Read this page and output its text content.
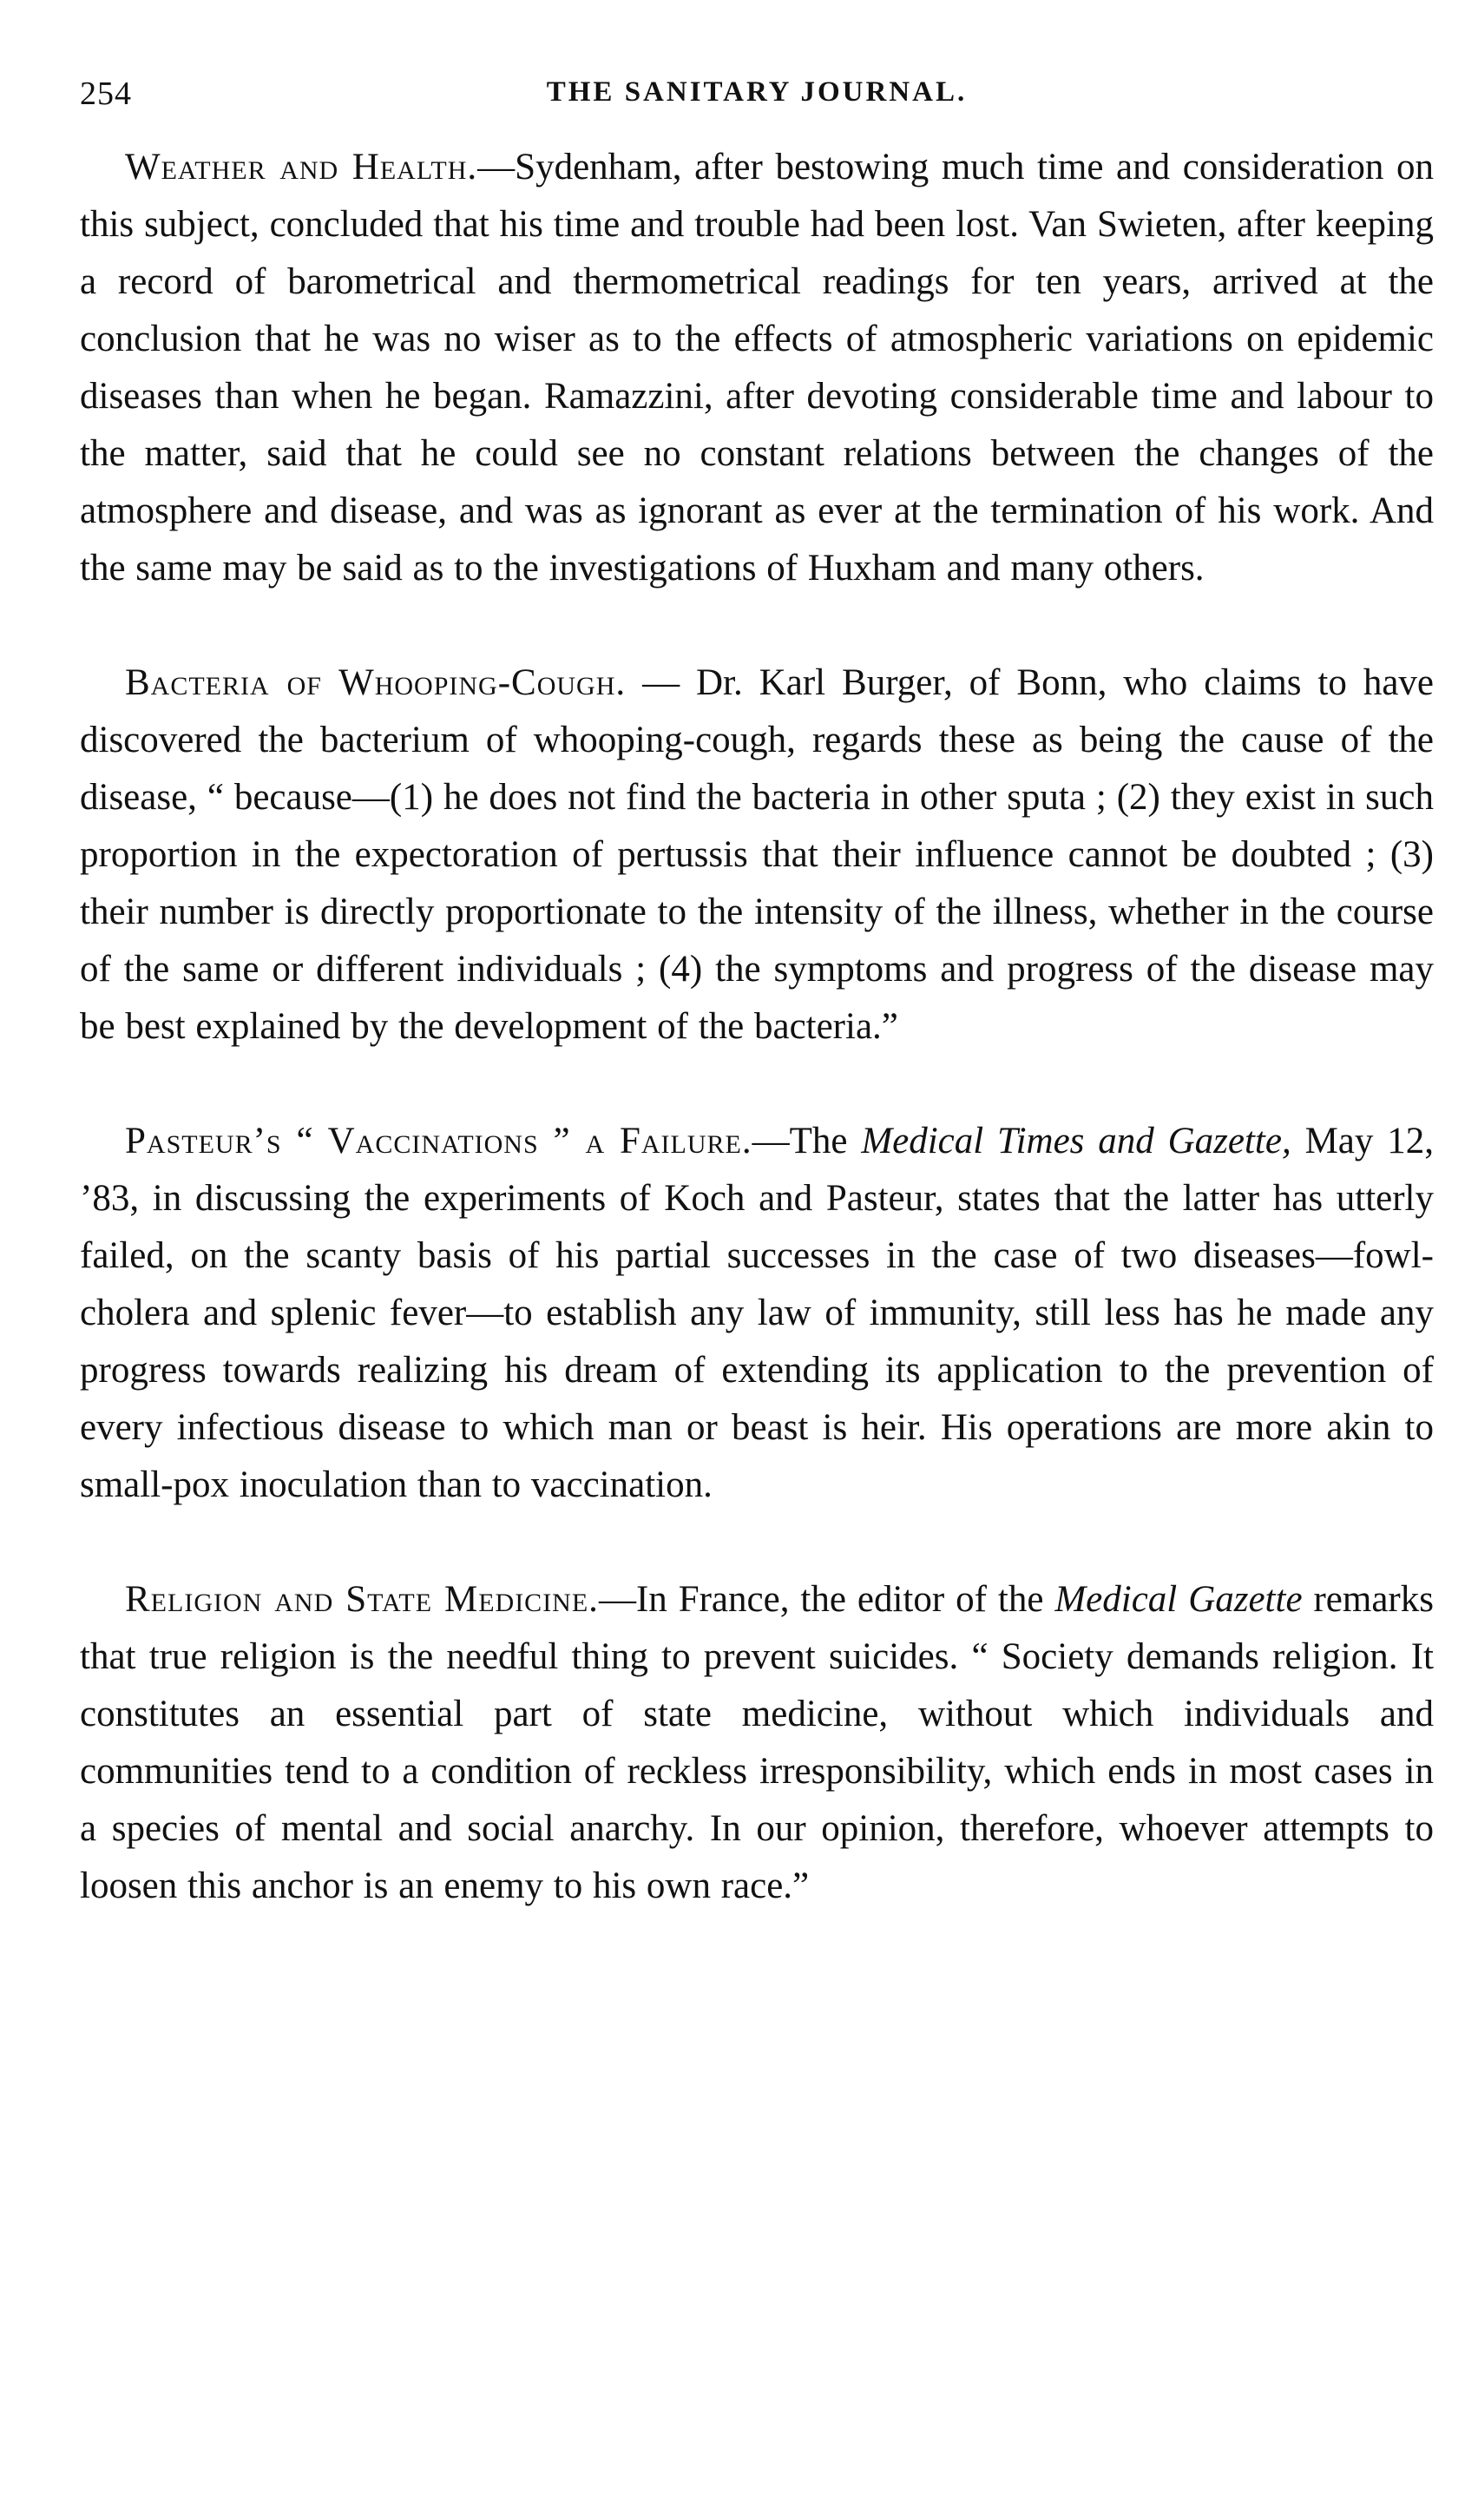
254	THE SANITARY JOURNAL.

Weather and Health.—Sydenham, after bestowing much time and consideration on this subject, concluded that his time and trouble had been lost. Van Swieten, after keeping a record of barometrical and thermometrical readings for ten years, arrived at the conclusion that he was no wiser as to the effects of atmospheric variations on epidemic diseases than when he began. Ramazzini, after devoting considerable time and labour to the matter, said that he could see no constant relations between the changes of the atmosphere and disease, and was as ignorant as ever at the termination of his work. And the same may be said as to the investigations of Huxham and many others.

Bacteria of Whooping-Cough. — Dr. Karl Burger, of Bonn, who claims to have discovered the bacterium of whooping-cough, regards these as being the cause of the disease, “ because—(1) he does not find the bacteria in other sputa ; (2) they exist in such proportion in the expectoration of pertussis that their influence cannot be doubted ; (3) their number is directly proportionate to the intensity of the illness, whether in the course of the same or different individuals ; (4) the symptoms and progress of the disease may be best explained by the development of the bacteria.”

Pasteur’s “ Vaccinations ” a Failure.—The Medical Times and Gazette, May 12, ’83, in discussing the experiments of Koch and Pasteur, states that the latter has utterly failed, on the scanty basis of his partial successes in the case of two diseases—fowl-cholera and splenic fever—to establish any law of immunity, still less has he made any progress towards realizing his dream of extending its application to the prevention of every infectious disease to which man or beast is heir. His operations are more akin to small-pox inoculation than to vaccination.

Religion and State Medicine.—In France, the editor of the Medical Gazette remarks that true religion is the needful thing to prevent suicides. “ Society demands religion. It constitutes an essential part of state medicine, without which individuals and communities tend to a condition of reckless irresponsibility, which ends in most cases in a species of mental and social anarchy. In our opinion, therefore, whoever attempts to loosen this anchor is an enemy to his own race.”
